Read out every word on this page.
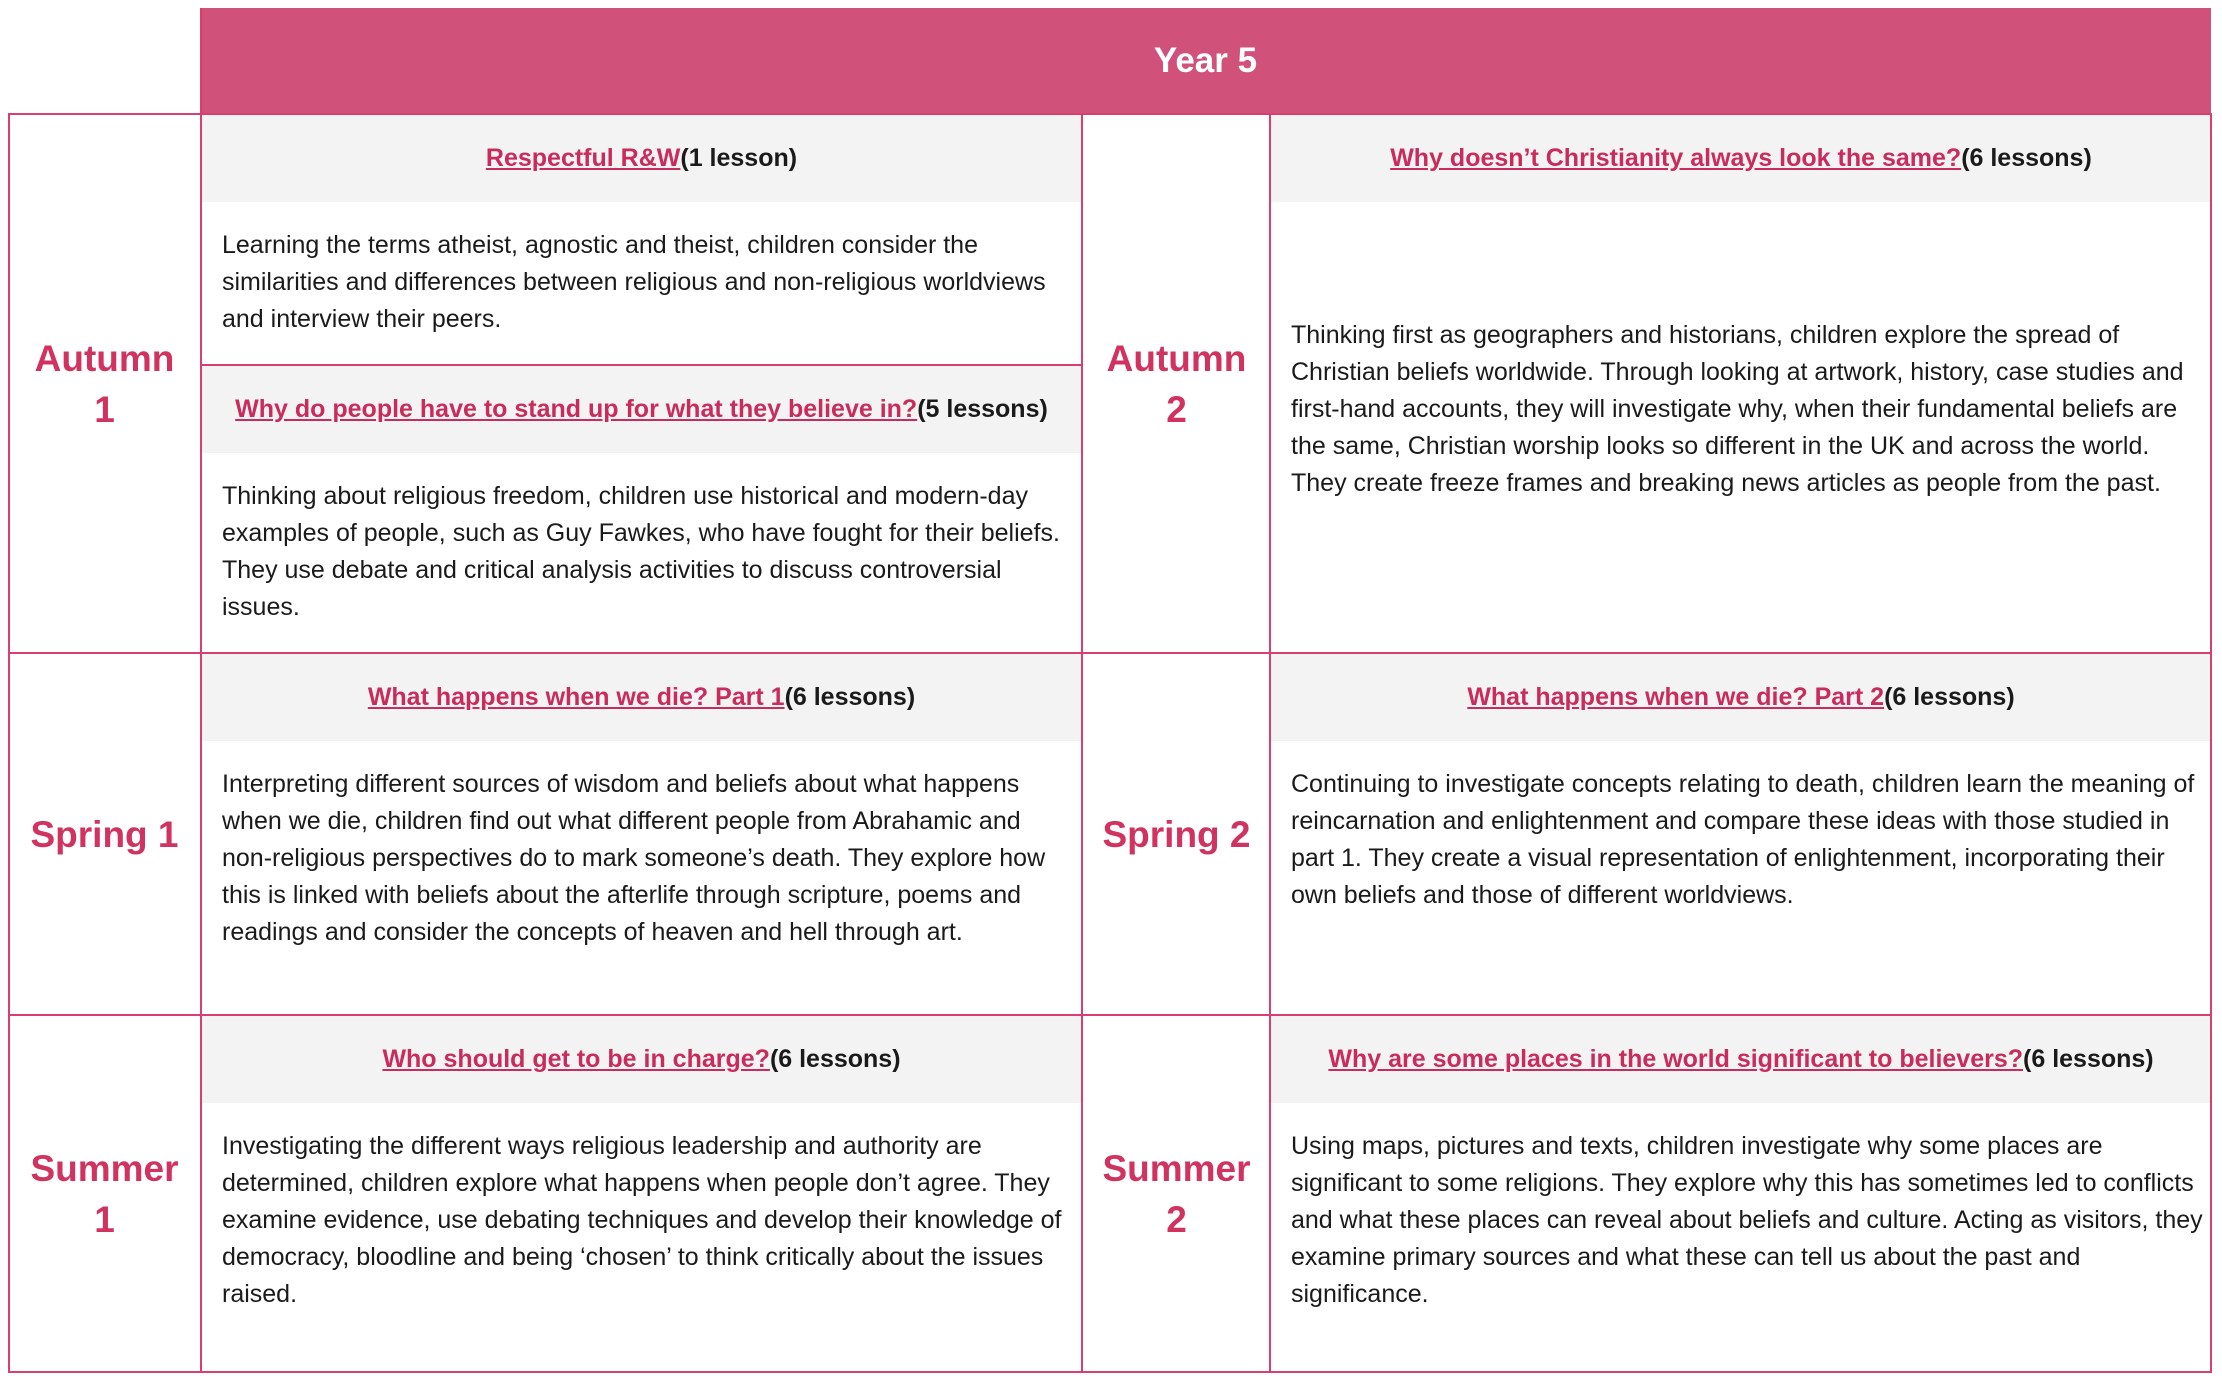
Year 5
Autumn
1
Autumn
2
Spring 1	Spring 2
Summer
1
Summer
2
Respectful R&W (1 lesson)
Learning the terms atheist, agnostic and theist, children consider the similarities and differences between religious and non-religious worldviews and interview their peers.
Why do people have to stand up for what they believe in? (5 lessons)
Thinking about religious freedom, children use historical and modern-day examples of people, such as Guy Fawkes, who have fought for their beliefs. They use debate and critical analysis activities to discuss controversial issues.
Why doesn’t Christianity always look the same? (6 lessons)
Thinking first as geographers and historians, children explore the spread of Christian beliefs worldwide. Through looking at artwork, history, case studies and first-hand accounts, they will investigate why, when their fundamental beliefs are the same, Christian worship looks so different in the UK and across the world. They create freeze frames and breaking news articles as people from the past.
What happens when we die? Part 1 (6 lessons)
Interpreting different sources of wisdom and beliefs about what happens when we die, children find out what different people from Abrahamic and non-religious perspectives do to mark someone’s death. They explore how this is linked with beliefs about the afterlife through scripture, poems and readings and consider the concepts of heaven and hell through art.
What happens when we die? Part 2 (6 lessons)
Continuing to investigate concepts relating to death, children learn the meaning of reincarnation and enlightenment and compare these ideas with those studied in part 1. They create a visual representation of enlightenment, incorporating their own beliefs and those of different worldviews.
Who should get to be in charge? (6 lessons)
Investigating the different ways religious leadership and authority are determined, children explore what happens when people don’t agree. They examine evidence, use debating techniques and develop their knowledge of democracy, bloodline and being ‘chosen’ to think critically about the issues raised.
Why are some places in the world significant to believers? (6 lessons)
Using maps, pictures and texts, children investigate why some places are significant to some religions. They explore why this has sometimes led to conflicts and what these places can reveal about beliefs and culture. Acting as visitors, they examine primary sources and what these can tell us about the past and significance.
